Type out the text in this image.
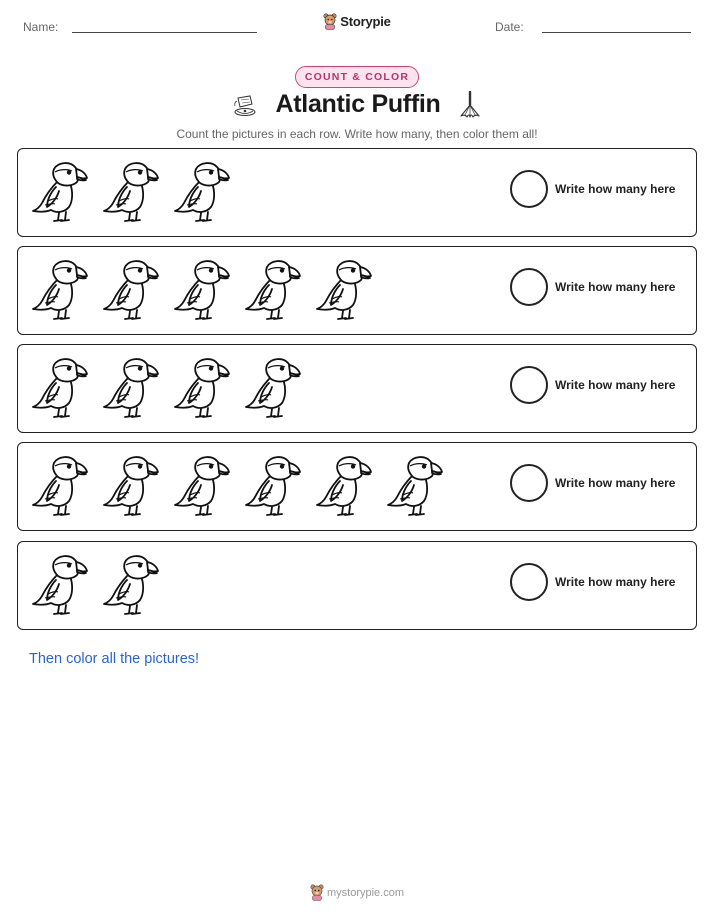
Name:	Storypie	Date:
COUNT & COLOR
Atlantic Puffin
Count the pictures in each row. Write how many, then color them all!
Write how many here
Write how many here
Write how many here
Write how many here
Write how many here
Then color all the pictures!
mystorypie.com
